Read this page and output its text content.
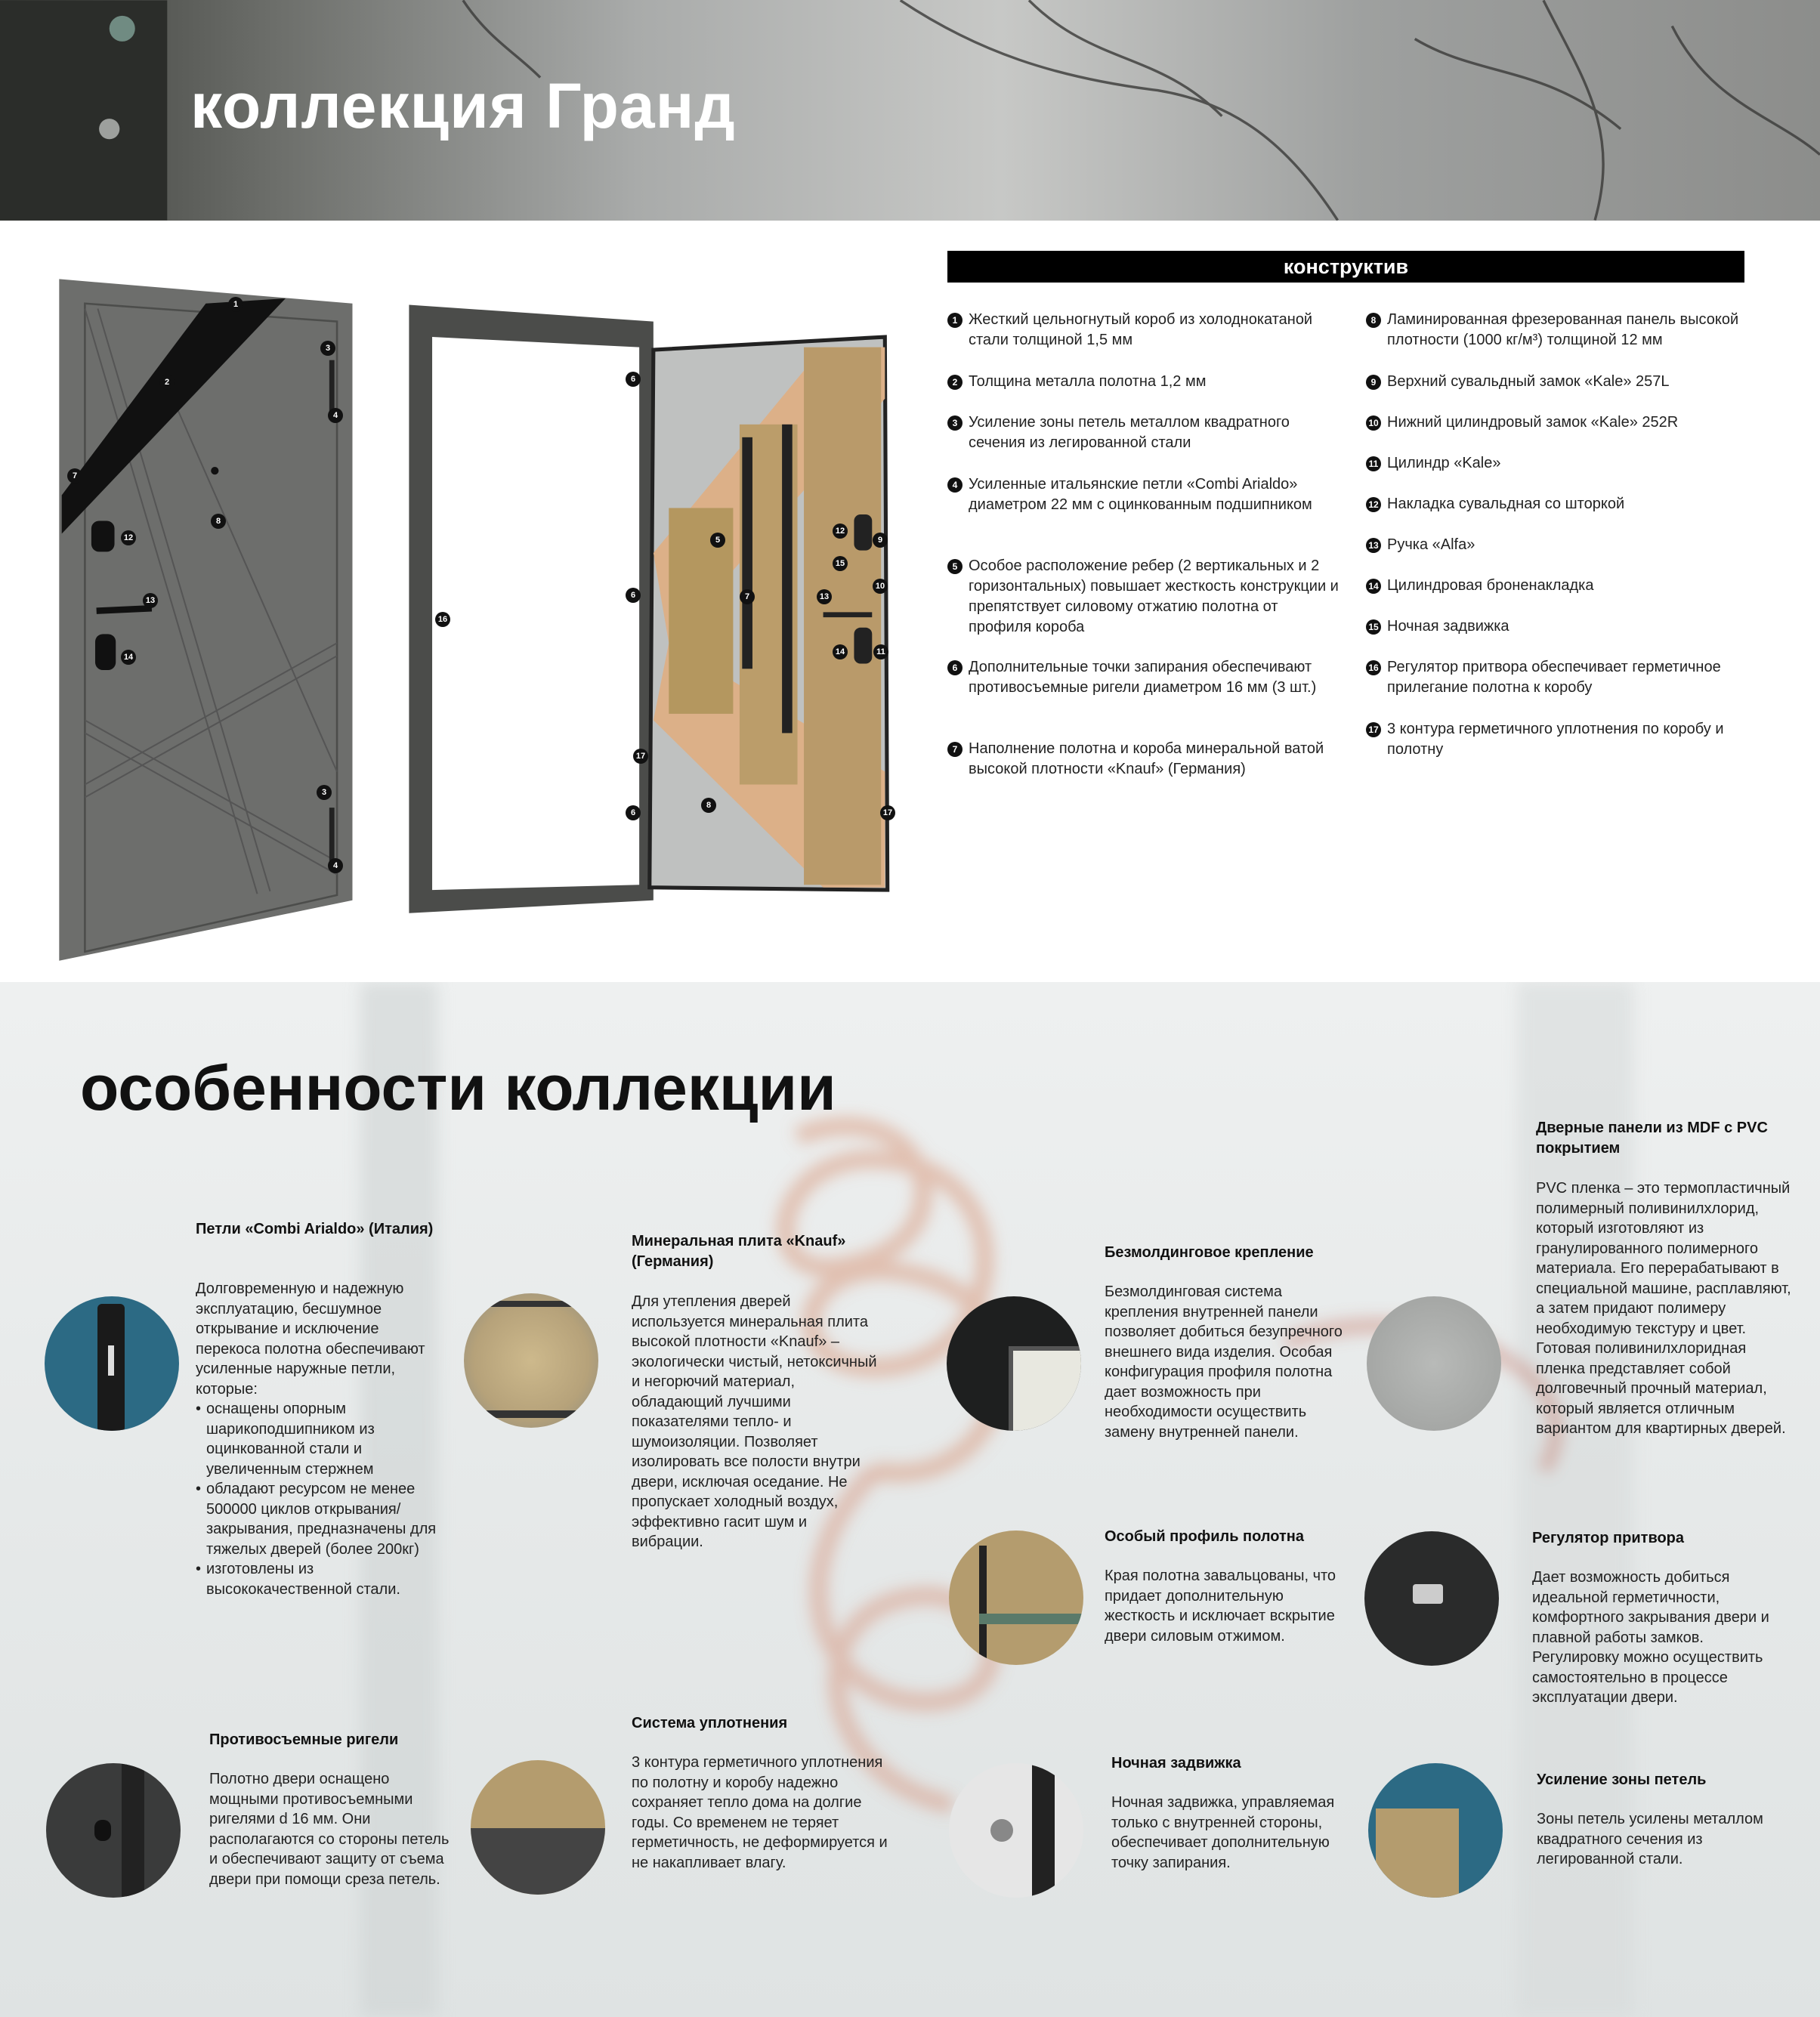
коллекция Гранд
1
2
3
4
7
8
12
13
14
3
4
6
6
16
17
6
8
5
7
12
9
15
10
13
14	11
17
конструктив
1 Жесткий цельногнутый короб из холоднокатаной стали толщиной 1,5 мм
2 Толщина металла полотна 1,2 мм
3 Усиление зоны петель металлом квадратного сечения из легированной стали
4 Усиленные итальянские петли «Combi Arialdo» диаметром 22 мм с оцинкованным подшипником
5 Особое расположение ребер (2 вертикальных и 2 горизонтальных) повышает жесткость конструкции и препятствует силовому отжатию полотна от профиля короба
6 Дополнительные точки запирания обеспечивают противосъемные ригели диаметром 16 мм (3 шт.)
7 Наполнение полотна и короба минеральной ватой высокой плотности «Knauf» (Германия)
8 Ламинированная фрезерованная панель высокой плотности (1000 кг/м³) толщиной 12 мм
9 Верхний сувальдный замок «Kale» 257L
10 Нижний цилиндровый замок «Kale» 252R
11 Цилиндр «Kale»
12 Накладка сувальдная со шторкой
13 Ручка «Alfa»
14 Цилиндровая броненакладка
15 Ночная задвижка
16 Регулятор притвора обеспечивает герметичное прилегание полотна к коробу
17 3 контура герметичного уплотнения по коробу и полотну
особенности коллекции
Петли «Combi Arialdo» (Италия)
Долговременную и надежную эксплуатацию, бесшумное открывание и исключение перекоса полотна обеспечивают усиленные наружные петли, которые:
• оснащены опорным шарикоподшипником из оцинкованной стали и увеличенным стержнем
• обладают ресурсом не менее 500000 циклов открывания/ закрывания, предназначены для тяжелых дверей (более 200кг)
• изготовлены из высококачественной стали.
Минеральная плита «Knauf» (Германия)
Для утепления дверей используется минеральная плита высокой плотности «Knauf» – экологически чистый, нетоксичный и негорючий материал, обладающий лучшими показателями тепло- и шумоизоляции. Позволяет изолировать все полости внутри двери, исключая оседание. Не пропускает холодный воздух, эффективно гасит шум и вибрации.
Безмолдинговое крепление
Безмолдинговая система крепления внутренней панели позволяет добиться безупречного внешнего вида изделия. Особая конфигурация профиля полотна дает возможность при необходимости осуществить замену внутренней панели.
Дверные панели из MDF с PVC покрытием
PVC пленка – это термопластичный полимерный поливинилхлорид, который изготовляют из гранулированного полимерного материала. Его перерабатывают в специальной машине, расплавляют, а затем придают полимеру необходимую текстуру и цвет. Готовая поливинилхлоридная пленка представляет собой долговечный прочный материал, который является отличным вариантом для квартирных дверей.
Особый профиль полотна
Края полотна завальцованы, что придает дополнительную жесткость и исключает вскрытие двери силовым отжимом.
Регулятор притвора
Дает возможность добиться идеальной герметичности, комфортного закрывания двери и плавной работы замков. Регулировку можно осуществить самостоятельно в процессе эксплуатации двери.
Противосъемные ригели
Полотно двери оснащено мощными противосъемными ригелями d 16 мм. Они располагаются со стороны петель и обеспечивают защиту от съема двери при помощи среза петель.
Система уплотнения
3 контура герметичного уплотнения по полотну и коробу надежно сохраняет тепло дома на долгие годы. Со временем не теряет герметичность, не деформируется и не накапливает влагу.
Ночная задвижка
Ночная задвижка, управляемая только с внутренней стороны, обеспечивает дополнительную точку запирания.
Усиление зоны петель
Зоны петель усилены металлом квадратного сечения из легированной стали.
